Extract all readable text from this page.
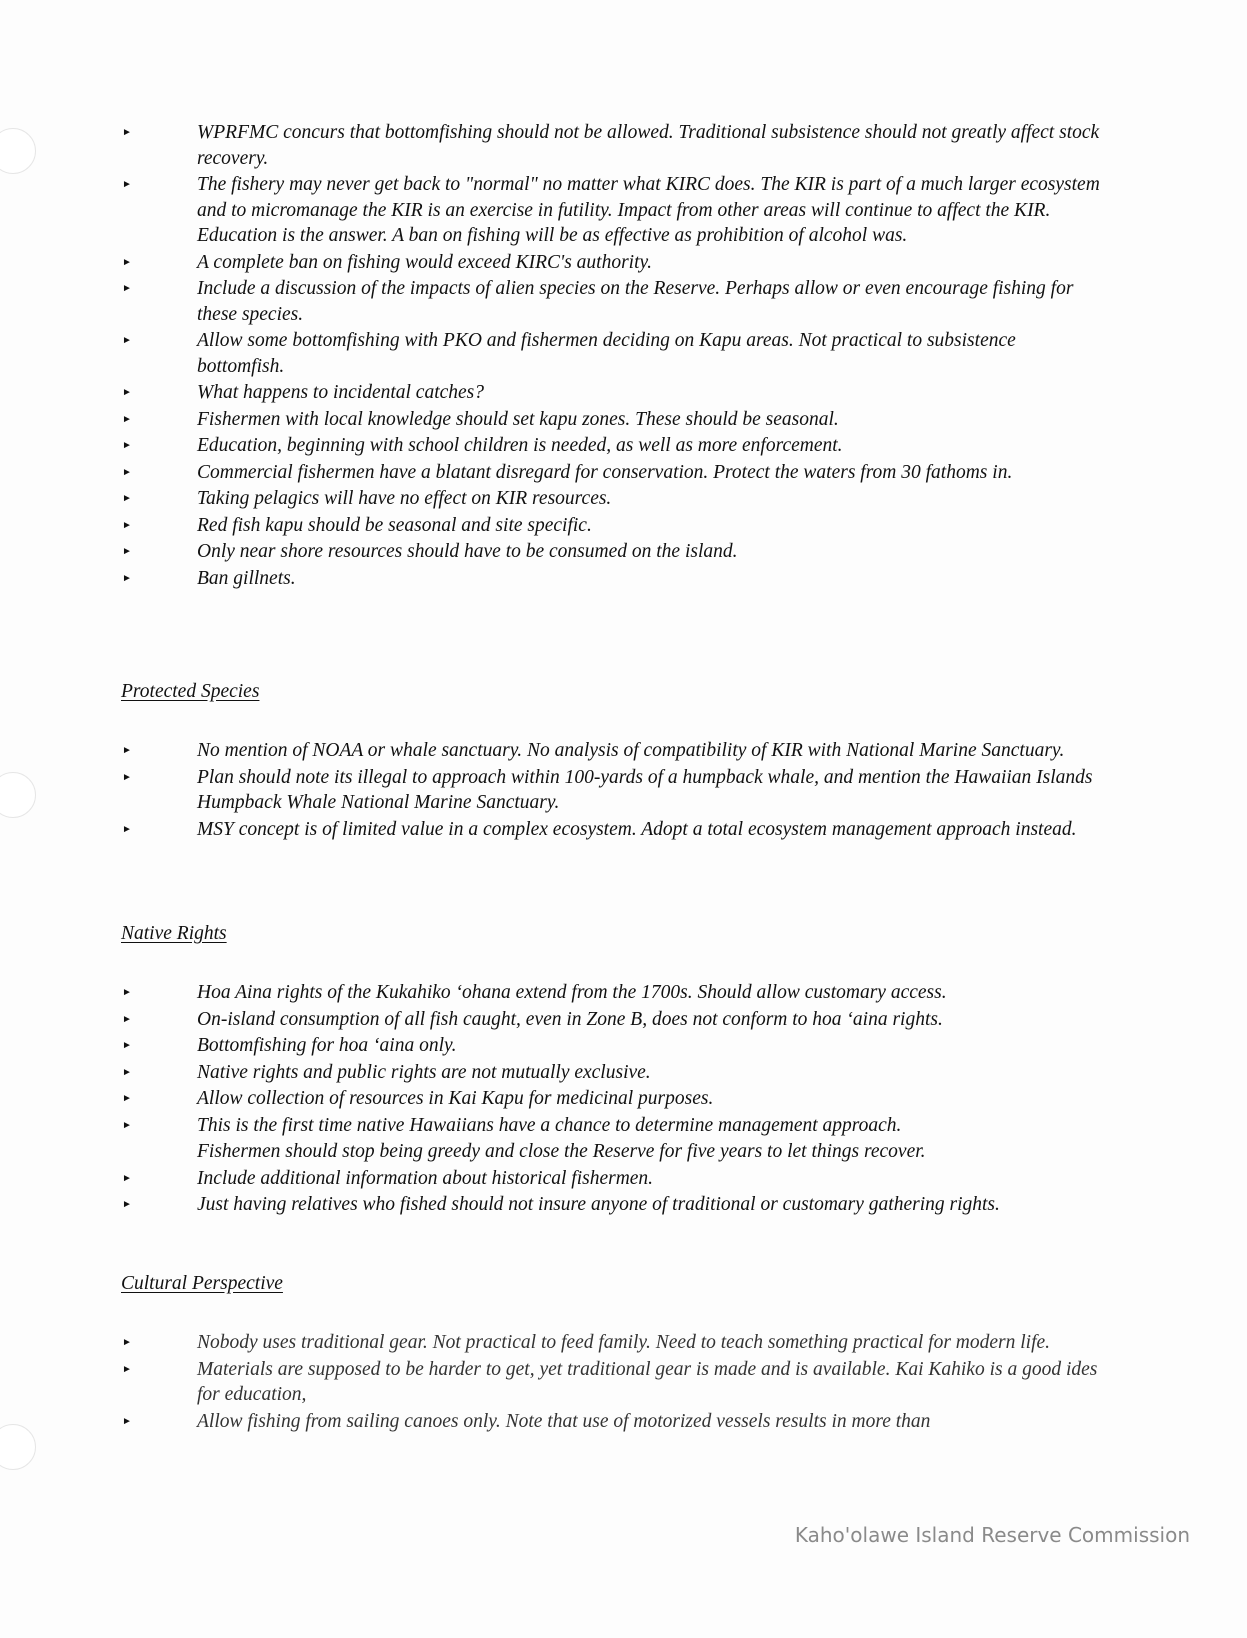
►	WPRFMC concurs that bottomfishing should not be allowed. Traditional subsistence should not greatly affect stock recovery.
►	The fishery may never get back to "normal" no matter what KIRC does. The KIR is part of a much larger ecosystem and to micromanage the KIR is an exercise in futility. Impact from other areas will continue to affect the KIR. Education is the answer. A ban on fishing will be as effective as prohibition of alcohol was.
►	A complete ban on fishing would exceed KIRC's authority.
►	Include a discussion of the impacts of alien species on the Reserve. Perhaps allow or even encourage fishing for these species.
►	Allow some bottomfishing with PKO and fishermen deciding on Kapu areas. Not practical to subsistence bottomfish.
►	What happens to incidental catches?
►	Fishermen with local knowledge should set kapu zones. These should be seasonal.
►	Education, beginning with school children is needed, as well as more enforcement.
►	Commercial fishermen have a blatant disregard for conservation. Protect the waters from 30 fathoms in.
►	Taking pelagics will have no effect on KIR resources.
►	Red fish kapu should be seasonal and site specific.
►	Only near shore resources should have to be consumed on the island.
►	Ban gillnets.
Protected Species
►	No mention of NOAA or whale sanctuary. No analysis of compatibility of KIR with National Marine Sanctuary.
►	Plan should note its illegal to approach within 100-yards of a humpback whale, and mention the Hawaiian Islands Humpback Whale National Marine Sanctuary.
►	MSY concept is of limited value in a complex ecosystem. Adopt a total ecosystem management approach instead.
Native Rights
►	Hoa Aina rights of the Kukahiko ‘ohana extend from the 1700s. Should allow customary access.
►	On-island consumption of all fish caught, even in Zone B, does not conform to hoa ‘aina rights.
►	Bottomfishing for hoa ‘aina only.
►	Native rights and public rights are not mutually exclusive.
►	Allow collection of resources in Kai Kapu for medicinal purposes.
►	This is the first time native Hawaiians have a chance to determine management approach.
Fishermen should stop being greedy and close the Reserve for five years to let things recover.
►	Include additional information about historical fishermen.
►	Just having relatives who fished should not insure anyone of traditional or customary gathering rights.
Cultural Perspective
►	Nobody uses traditional gear. Not practical to feed family. Need to teach something practical for modern life.
►	Materials are supposed to be harder to get, yet traditional gear is made and is available. Kai Kahiko is a good ides for education,
►	Allow fishing from sailing canoes only. Note that use of motorized vessels results in more than
Kaho'olawe Island Reserve Commission
